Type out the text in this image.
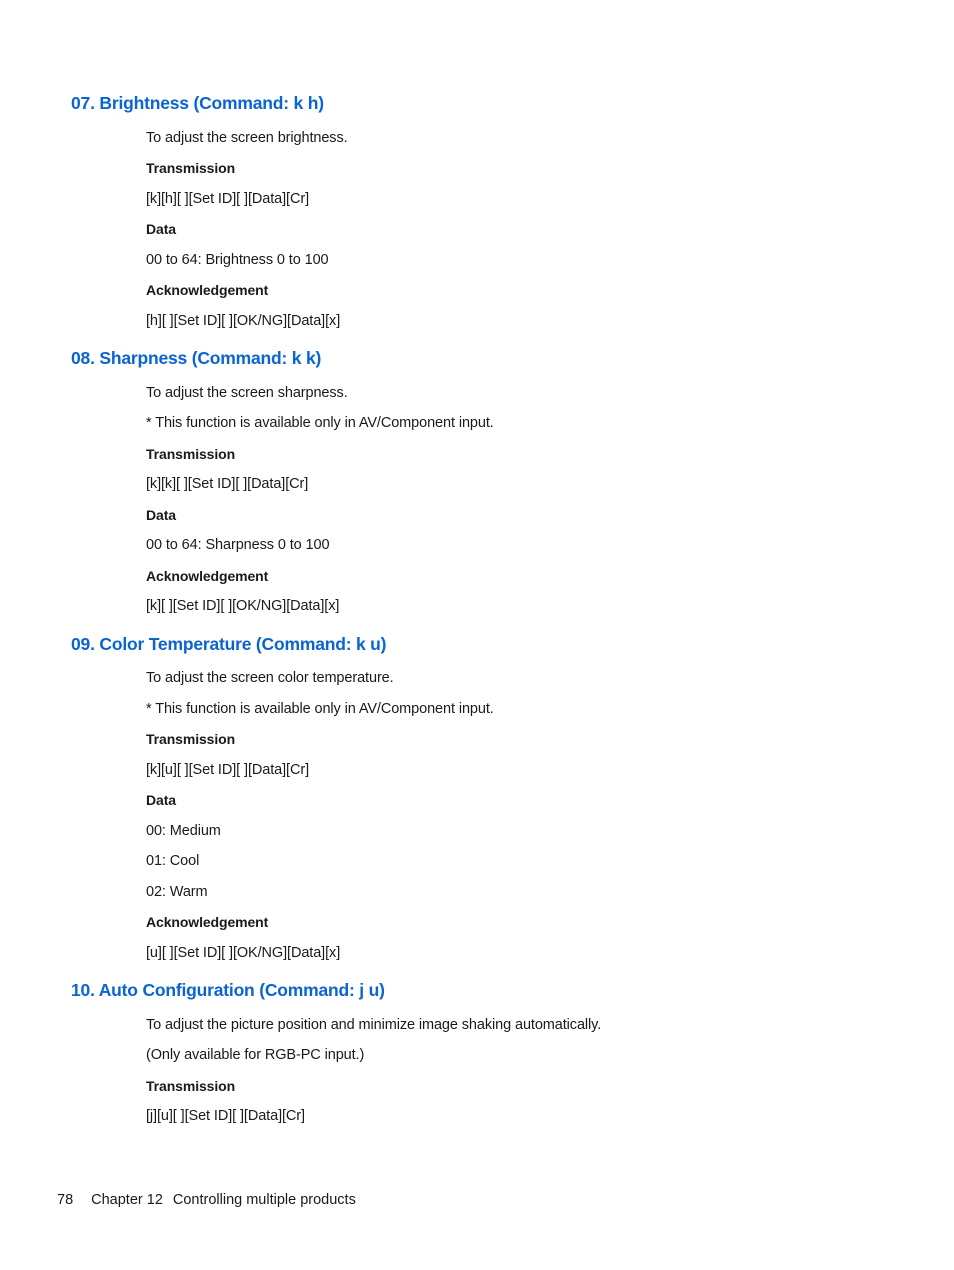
07. Brightness (Command: k h)

To adjust the screen brightness.

Transmission

[k][h][ ][Set ID][ ][Data][Cr]

Data

00 to 64: Brightness 0 to 100

Acknowledgement

[h][ ][Set ID][ ][OK/NG][Data][x]

08. Sharpness (Command: k k)

To adjust the screen sharpness.

* This function is available only in AV/Component input.

Transmission

[k][k][ ][Set ID][ ][Data][Cr]

Data

00 to 64: Sharpness 0 to 100

Acknowledgement

[k][ ][Set ID][ ][OK/NG][Data][x]

09. Color Temperature (Command: k u)

To adjust the screen color temperature.

* This function is available only in AV/Component input.

Transmission

[k][u][ ][Set ID][ ][Data][Cr]

Data

00: Medium

01: Cool

02: Warm

Acknowledgement

[u][ ][Set ID][ ][OK/NG][Data][x]

10. Auto Configuration (Command: j u)

To adjust the picture position and minimize image shaking automatically.

(Only available for RGB-PC input.)

Transmission

[j][u][ ][Set ID][ ][Data][Cr]

78 Chapter 12 Controlling multiple products
